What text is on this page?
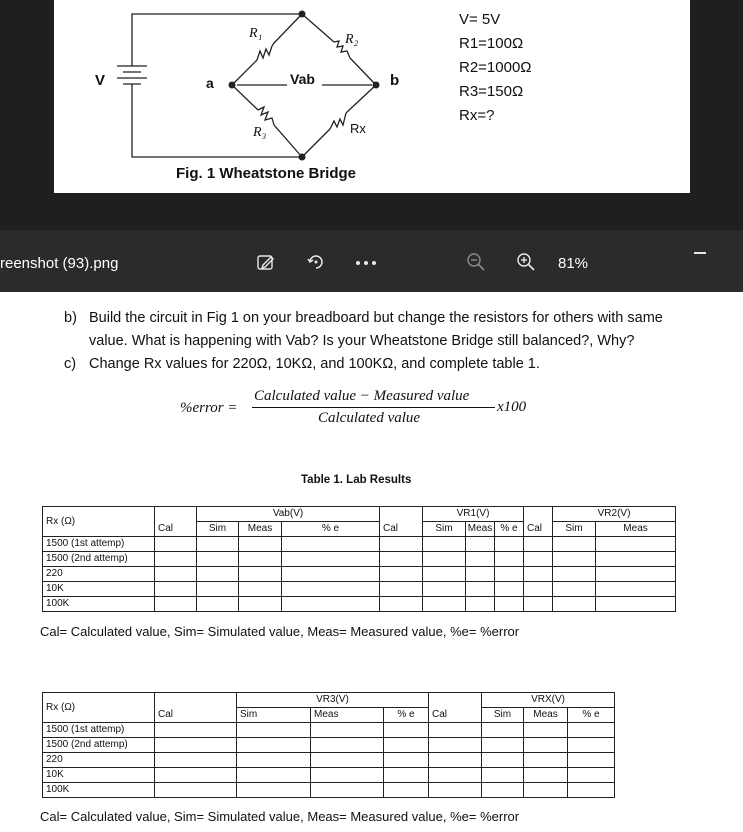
V	a	b
Vab
R₁	R₂
R₃	Rx
Fig. 1 Wheatstone Bridge
V= 5V
R1=100Ω
R2=1000Ω
R3=150Ω
Rx=?
reenshot (93).png	81%
b) Build the circuit in Fig 1 on your breadboard but change the resistors for others with same
value. What is happening with Vab? Is your Wheatstone Bridge still balanced?, Why?
c) Change Rx values for 220Ω, 10KΩ, and 100KΩ, and complete table 1.
%error =
Calculated value − Measured value
Calculated value
x100
Table 1. Lab Results
Rx (Ω)		Vab(V)				VR1(V)				VR2(V)		
	Cal	Sim	Meas	% e	Cal	Sim	Meas	% e	Cal	Sim	Meas	
1500 (1st attemp)												
1500 (2nd attemp)												
220												
10K												
100K												
Cal= Calculated value, Sim= Simulated value, Meas= Measured value, %e= %error
Rx (Ω)		VR3(V)				VRX(V)		
	Cal	Sim	Meas	% e	Cal	Sim	Meas	% e
1500 (1st attemp)								
1500 (2nd attemp)								
220								
10K								
100K								
Cal= Calculated value, Sim= Simulated value, Meas= Measured value, %e= %error
